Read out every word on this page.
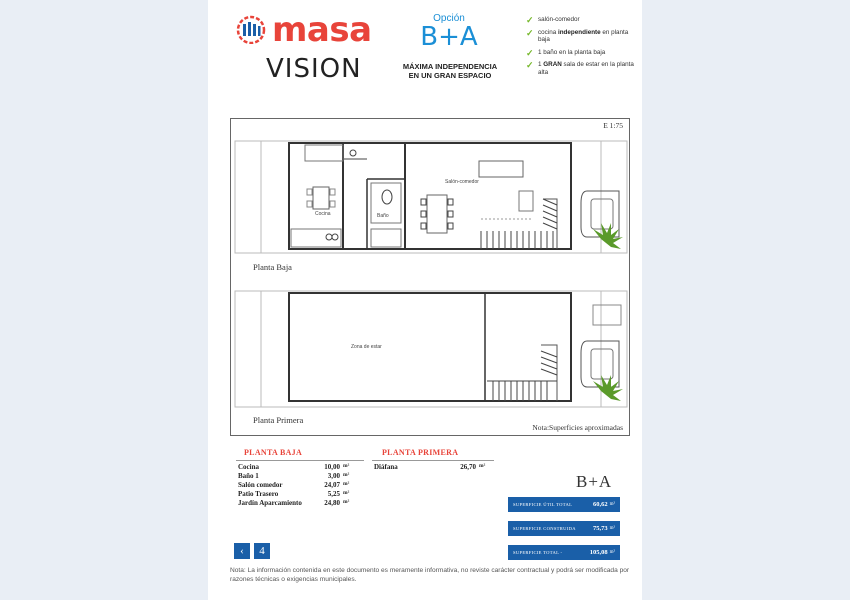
masa
VISION
Opción
B+A
MÁXIMA INDEPENDENCIA
EN UN GRAN ESPACIO
✓ salón-comedor
✓ cocina independiente en planta baja
✓ 1 baño en la planta baja
✓ 1 GRAN sala de estar en la planta alta
E 1:75
Planta Baja
Planta Primera
Nota:Superficies aproximadas
Cocina	Baño
Salón-comedor
Zona de estar
PLANTA BAJA
Cocina	10,00 m²
Baño 1	3,00 m²
Salón comedor	24,07 m²
Patio Trasero	5,25 m²
Jardín Aparcamiento	24,80 m²
PLANTA PRIMERA
Diáfana	26,70 m²
B+A
SUPERFICIE ÚTIL TOTAL	60,62 m²
SUPERFICIE CONSTRUIDA	75,73 m²
SUPERFICIE TOTAL -	105,08 m²
‹	4
Nota: La información contenida en este documento es meramente informativa, no reviste carácter contractual y podrá ser modificada por razones técnicas o exigencias municipales.
